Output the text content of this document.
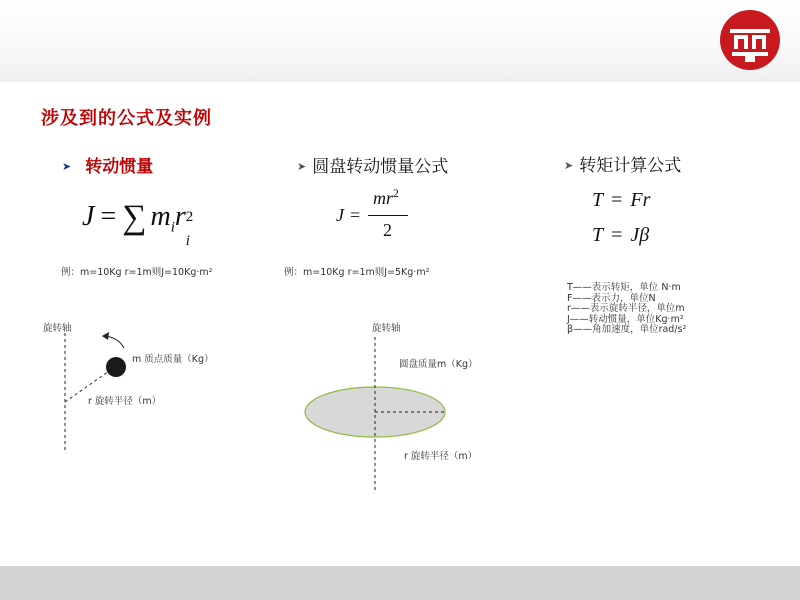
涉及到的公式及实例
➤ 转动惯量
J = ∑ $m_ir$ 2
i
例：m=10Kg r=1m则J=10Kg·m²
旋转轴
m 质点质量（Kg）
r 旋转半径（m）
➤ 圆盘转动惯量公式
J =
$mr^2$
2
例：m=10Kg r=1m则J=5Kg·m²
旋转轴
圆盘质量m（Kg）
r 旋转半径（m）
➤ 转矩计算公式
T = Fr
T = Jβ
T——表示转矩，单位 N·m
F——表示力，单位N
r——表示旋转半径，单位m
J——转动惯量，单位Kg·m²
β——角加速度，单位rad/s²
